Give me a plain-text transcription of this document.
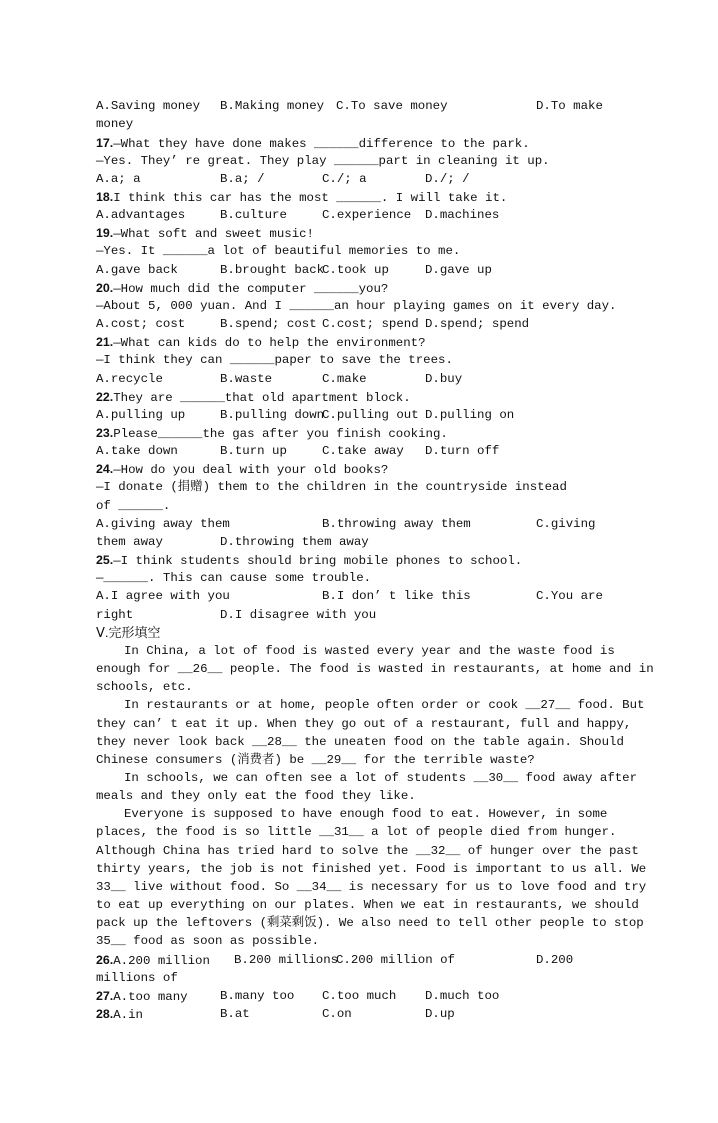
A.Saving money

B.Making money

C.To save money

	D.To make

money
17.—What they have done makes ______difference to the park.
—Yes. They’ re great. They play ______part in cleaning it up.

A.a; a

	B.a; /

	C./; a

	D./; /

18.I think this car has the most ______. I will take it.

A.advantages

	B.culture

	C.experience

D.machines

19.—What soft and sweet music!
—Yes. It ______a lot of beautiful memories to me.

A.gave back

	B.brought back

C.took up

	D.gave up

20.—How much did the computer ______you?
—About 5, 000 yuan. And I ______an hour playing games on it every day.

A.cost; cost

	B.spend; cost

C.cost; spend

D.spend; spend

21.—What can kids do to help the environment?
—I think they can ______paper to save the trees.

A.recycle

	B.waste

	C.make

	D.buy

22.They are ______that old apartment block.

A.pulling up

	B.pulling down

C.pulling out

D.pulling on

23.Please______the gas after you finish cooking.

A.take down

	B.turn up

	C.take away

D.turn off

24.—How do you deal with your old books?
—I donate (捐赠) them to the children in the countryside instead
of ______.

A.giving away them

	B.throwing away them

	C.giving

them away

	D.throwing them away

25.—I think students should bring mobile phones to school.
—______. This can cause some trouble.

A.I agree with you

	B.I don’ t like this

	C.You are

right

	D.I disagree with you

Ⅴ.完形填空
In China, a lot of food is wasted every year and the waste food is
enough for __26__ people. The food is wasted in restaurants, at home and in
schools, etc.
In restaurants or at home, people often order or cook __27__ food. But
they can’ t eat it up. When they go out of a restaurant, full and happy,
they never look back __28__ the uneaten food on the table again. Should
Chinese consumers (消费者) be __29__ for the terrible waste?
In schools, we can often see a lot of students __30__ food away after
meals and they only eat the food they like.
Everyone is supposed to have enough food to eat. However, in some
places, the food is so little __31__ a lot of people died from hunger.
Although China has tried hard to solve the __32__ of hunger over the past
thirty years, the job is not finished yet. Food is important to us all. We
33__ live without food. So __34__ is necessary for us to love food and try
to eat up everything on our plates. When we eat in restaurants, we should
pack up the leftovers (剩菜剩饭). We also need to tell other people to stop
35__ food as soon as possible.

26.A.200 million

B.200 millions

C.200 million of

	D.200

millions of

27.A.too many

	B.many too

C.too much

D.much too

28.A.in

	B.at

	C.on

	D.up
